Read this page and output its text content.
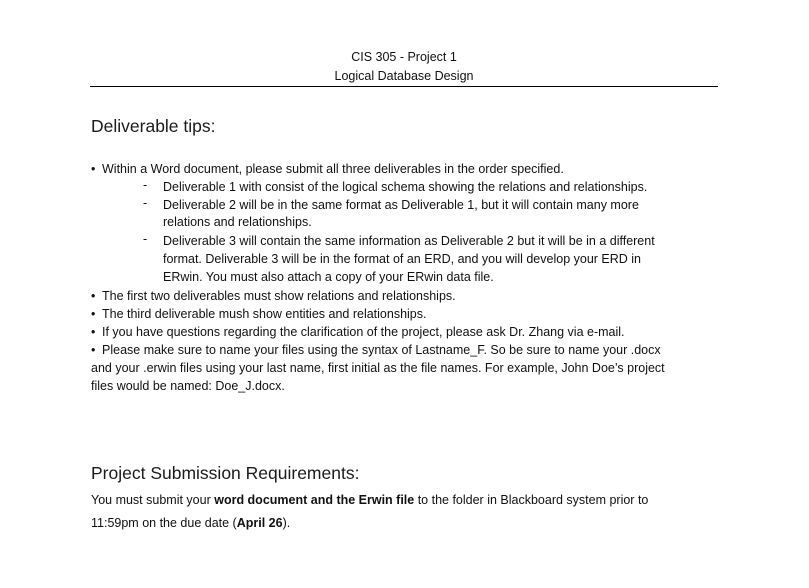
CIS 305 - Project 1
Logical Database Design
Deliverable tips:
• Within a Word document, please submit all three deliverables in the order specified.
- Deliverable 1 with consist of the logical schema showing the relations and relationships.
- Deliverable 2 will be in the same format as Deliverable 1, but it will contain many more
relations and relationships.
- Deliverable 3 will contain the same information as Deliverable 2 but it will be in a different
format. Deliverable 3 will be in the format of an ERD, and you will develop your ERD in
ERwin. You must also attach a copy of your ERwin data file.
• The first two deliverables must show relations and relationships.
• The third deliverable mush show entities and relationships.
• If you have questions regarding the clarification of the project, please ask Dr. Zhang via e-mail.
• Please make sure to name your files using the syntax of Lastname_F. So be sure to name your .docx
and your .erwin files using your last name, first initial as the file names. For example, John Doe’s project
files would be named: Doe_J.docx.
Project Submission Requirements:
You must submit your word document and the Erwin file to the folder in Blackboard system prior to
11:59pm on the due date (April 26).
